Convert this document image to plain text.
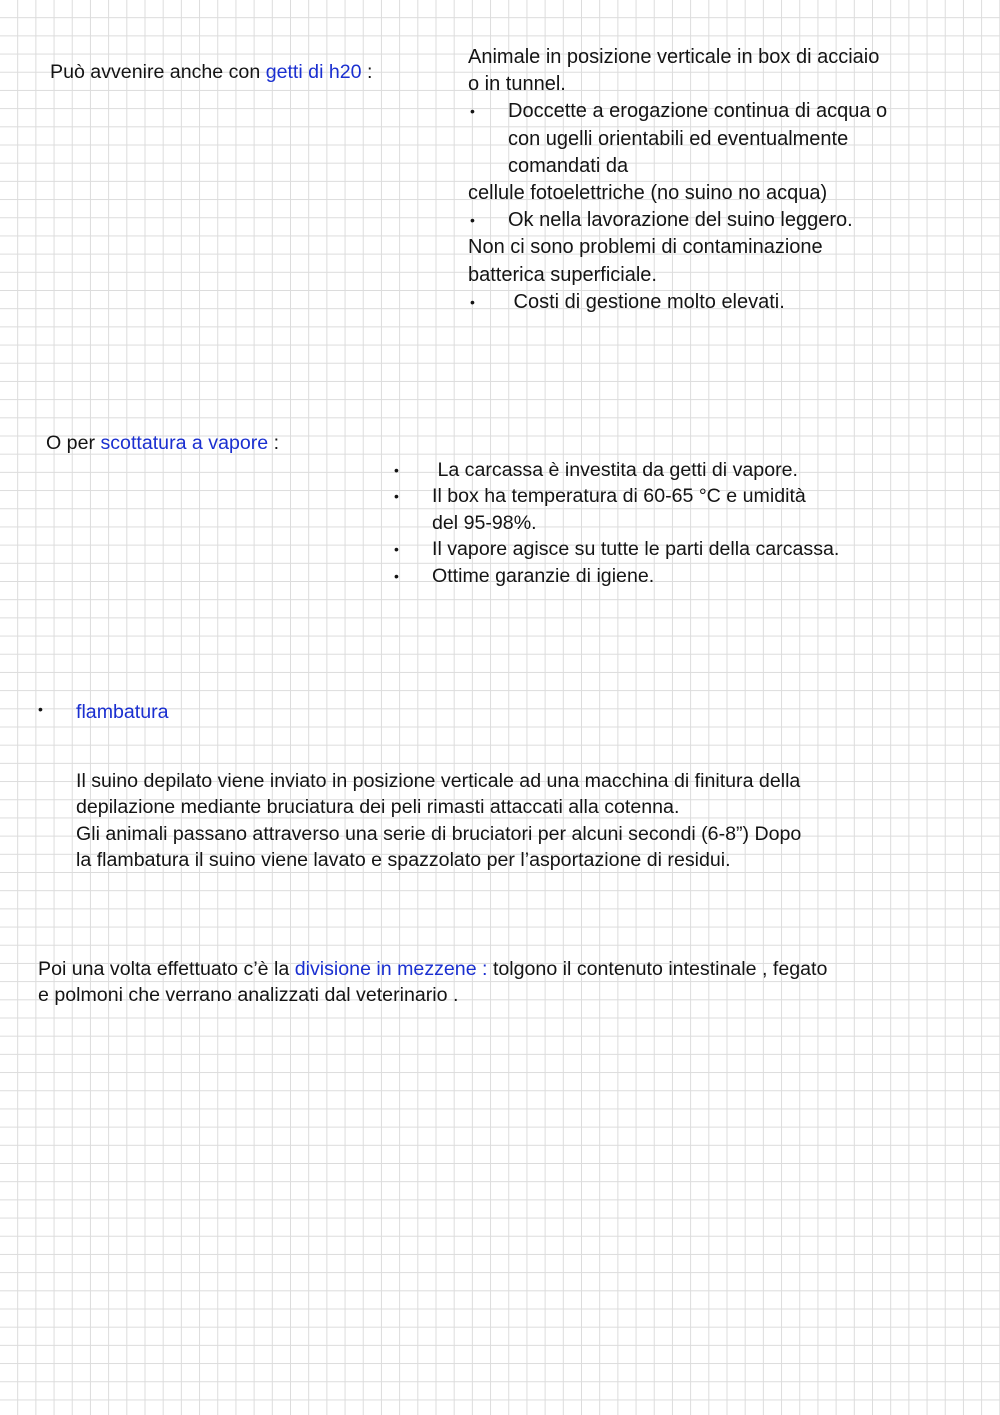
Può avvenire anche con getti di h20 :
Animale in posizione verticale in box di acciaio
o in tunnel.
•	Doccette a erogazione continua di acqua o
con ugelli orientabili ed eventualmente
comandati da
cellule fotoelettriche (no suino no acqua)
•	Ok nella lavorazione del suino leggero.
Non ci sono problemi di contaminazione
batterica superficiale.
•	Costi di gestione molto elevati.
O per scottatura a vapore :
•	La carcassa è investita da getti di vapore.
•	Il box ha temperatura di 60-65 °C e umidità
del 95-98%.
•	Il vapore agisce su tutte le parti della carcassa.
•	Ottime garanzie di igiene.
•	flambatura
Il suino depilato viene inviato in posizione verticale ad una macchina di finitura della
depilazione mediante bruciatura dei peli rimasti attaccati alla cotenna.
Gli animali passano attraverso una serie di bruciatori per alcuni secondi (6-8”) Dopo
la flambatura il suino viene lavato e spazzolato per l’asportazione di residui.
Poi una volta effettuato c’è la divisione in mezzene : tolgono il contenuto intestinale , fegato
e polmoni che verrano analizzati dal veterinario .
